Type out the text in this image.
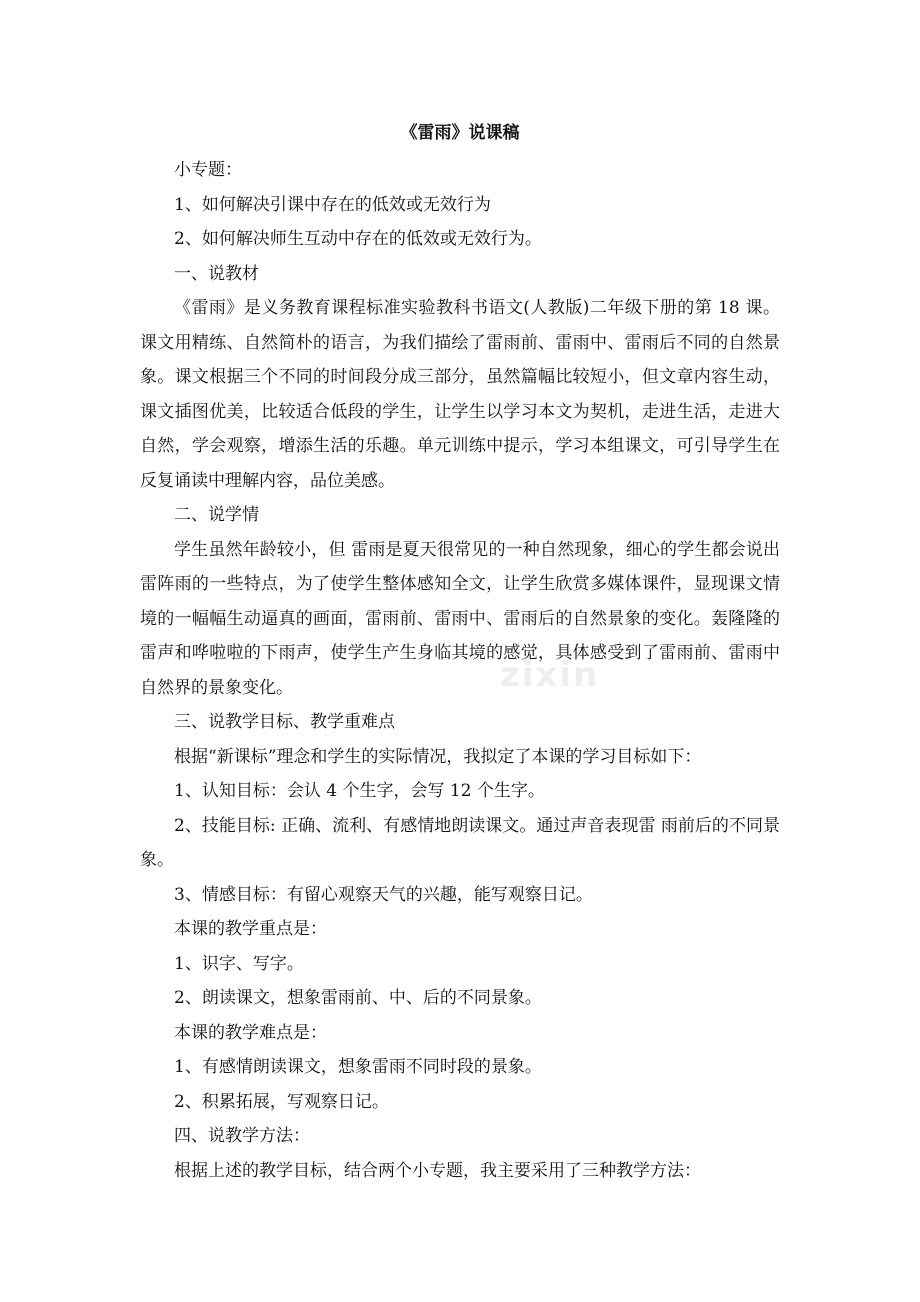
《雷雨》说课稿

小专题：

1、如何解决引课中存在的低效或无效行为

2、如何解决师生互动中存在的低效或无效行为。

一、说教材

《雷雨》是义务教育课程标准实验教科书语文(人教版)二年级下册的第 18 课。课文用精练、自然简朴的语言，为我们描绘了雷雨前、雷雨中、雷雨后不同的自然景象。课文根据三个不同的时间段分成三部分，虽然篇幅比较短小，但文章内容生动，课文插图优美，比较适合低段的学生，让学生以学习本文为契机，走进生活，走进大自然，学会观察，增添生活的乐趣。单元训练中提示，学习本组课文，可引导学生在反复诵读中理解内容，品位美感。

二、说学情

学生虽然年龄较小，但 雷雨是夏天很常见的一种自然现象，细心的学生都会说出雷阵雨的一些特点，为了使学生整体感知全文，让学生欣赏多媒体课件，显现课文情境的一幅幅生动逼真的画面，雷雨前、雷雨中、雷雨后的自然景象的变化。轰隆隆的雷声和哗啦啦的下雨声，使学生产生身临其境的感觉，具体感受到了雷雨前、雷雨中自然界的景象变化。

三、说教学目标、教学重难点

根据“新课标”理念和学生的实际情况，我拟定了本课的学习目标如下：

1、认知目标：会认 4 个生字，会写 12 个生字。

2、技能目标: 正确、流利、有感情地朗读课文。通过声音表现雷 雨前后的不同景象。

3、情感目标：有留心观察天气的兴趣，能写观察日记。

本课的教学重点是：

1、识字、写字。

2、朗读课文，想象雷雨前、中、后的不同景象。

本课的教学难点是：

1、有感情朗读课文，想象雷雨不同时段的景象。

2、积累拓展，写观察日记。

四、说教学方法：

根据上述的教学目标，结合两个小专题，我主要采用了三种教学方法：

zixin
